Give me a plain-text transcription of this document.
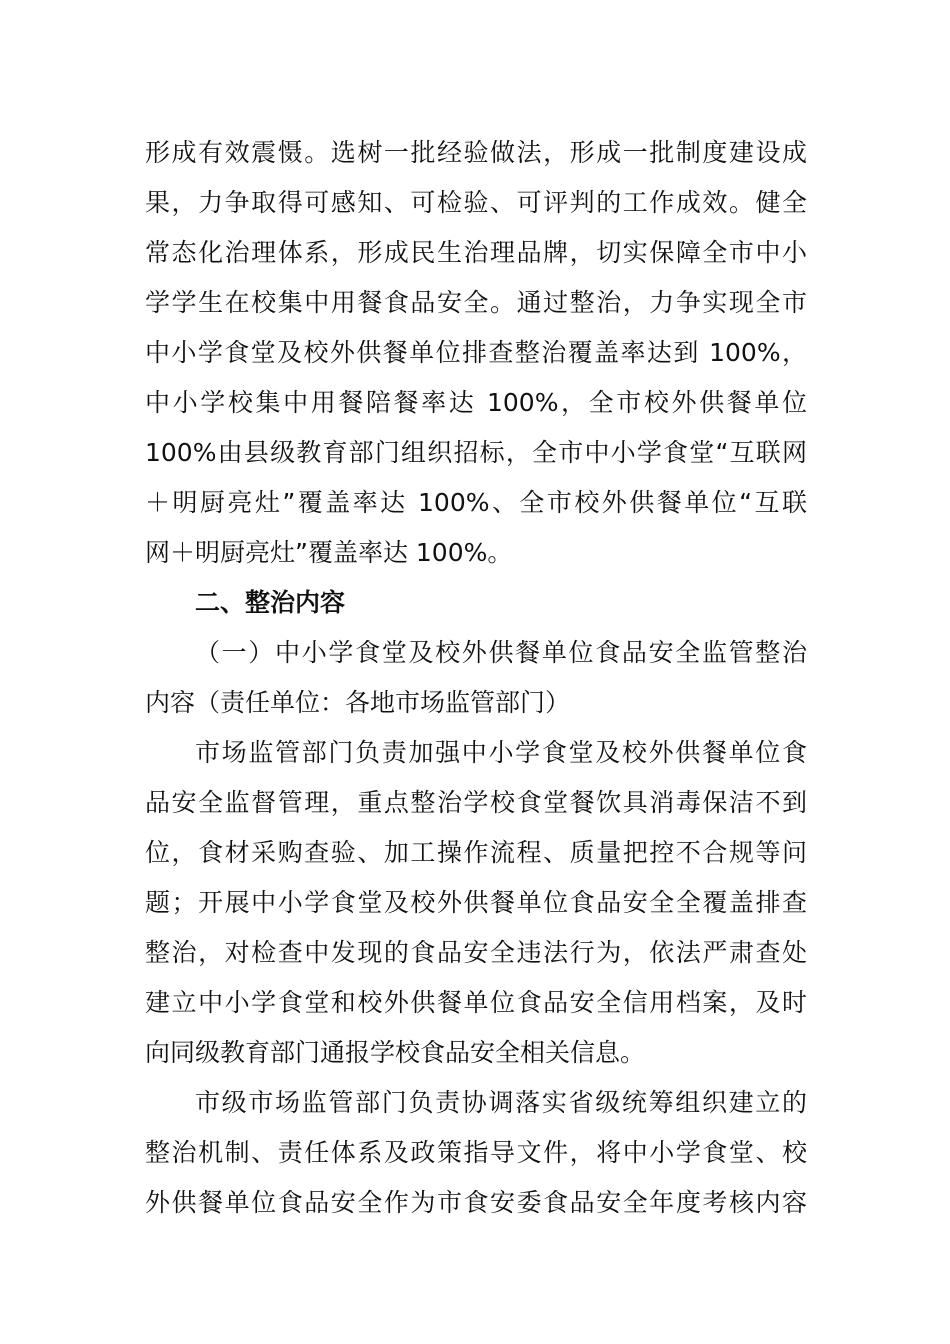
形成有效震慑。选树一批经验做法，形成一批制度建设成
果，力争取得可感知、可检验、可评判的工作成效。健全
常态化治理体系，形成民生治理品牌，切实保障全市中小
学学生在校集中用餐食品安全。通过整治，力争实现全市
中小学食堂及校外供餐单位排查整治覆盖率达到 100%，
中小学校集中用餐陪餐率达 100%，全市校外供餐单位
100%由县级教育部门组织招标，全市中小学食堂“互联网
＋明厨亮灶”覆盖率达 100%、全市校外供餐单位“互联
网＋明厨亮灶”覆盖率达 100%。
二、整治内容
（一）中小学食堂及校外供餐单位食品安全监管整治
内容（责任单位：各地市场监管部门）
市场监管部门负责加强中小学食堂及校外供餐单位食
品安全监督管理，重点整治学校食堂餐饮具消毒保洁不到
位，食材采购查验、加工操作流程、质量把控不合规等问
题；开展中小学食堂及校外供餐单位食品安全全覆盖排查
整治，对检查中发现的食品安全违法行为，依法严肃查处
建立中小学食堂和校外供餐单位食品安全信用档案，及时
向同级教育部门通报学校食品安全相关信息。
市级市场监管部门负责协调落实省级统筹组织建立的
整治机制、责任体系及政策指导文件，将中小学食堂、校
外供餐单位食品安全作为市食安委食品安全年度考核内容
